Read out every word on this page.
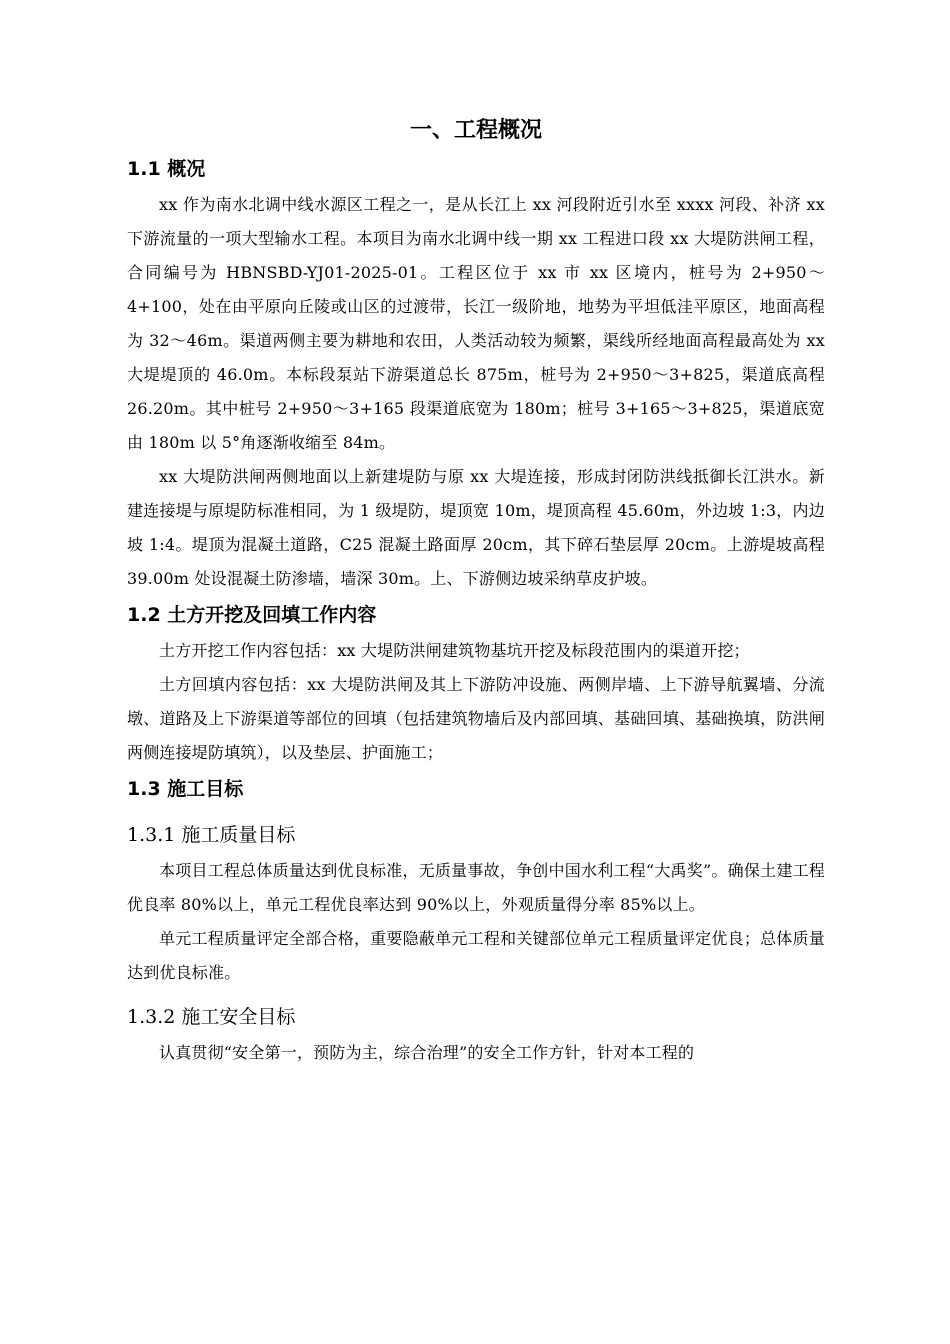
一、工程概况
1.1 概况

xx 作为南水北调中线水源区工程之一，是从长江上 xx 河段附近引水至 xxxx 河段、补济 xx 下游流量的一项大型输水工程。本项目为南水北调中线一期 xx 工程进口段 xx 大堤防洪闸工程，合同编号为 HBNSBD-YJ01-2025-01。工程区位于 xx 市 xx 区境内，桩号为 2+950～4+100，处在由平原向丘陵或山区的过渡带，长江一级阶地，地势为平坦低洼平原区，地面高程为 32～46m。渠道两侧主要为耕地和农田，人类活动较为频繁，渠线所经地面高程最高处为 xx 大堤堤顶的 46.0m。本标段泵站下游渠道总长 875m，桩号为 2+950～3+825，渠道底高程 26.20m。其中桩号 2+950～3+165 段渠道底宽为 180m；桩号 3+165～3+825，渠道底宽由 180m 以 5°角逐渐收缩至 84m。

xx 大堤防洪闸两侧地面以上新建堤防与原 xx 大堤连接，形成封闭防洪线抵御长江洪水。新建连接堤与原堤防标准相同，为 1 级堤防，堤顶宽 10m，堤顶高程 45.60m，外边坡 1:3，内边坡 1:4。堤顶为混凝土道路，C25 混凝土路面厚 20cm，其下碎石垫层厚 20cm。上游堤坡高程 39.00m 处设混凝土防渗墙，墙深 30m。上、下游侧边坡采纳草皮护坡。

1.2 土方开挖及回填工作内容

土方开挖工作内容包括：xx 大堤防洪闸建筑物基坑开挖及标段范围内的渠道开挖；

土方回填内容包括：xx 大堤防洪闸及其上下游防冲设施、两侧岸墙、上下游导航翼墙、分流墩、道路及上下游渠道等部位的回填（包括建筑物墙后及内部回填、基础回填、基础换填，防洪闸两侧连接堤防填筑），以及垫层、护面施工；

1.3 施工目标
1.3.1 施工质量目标

本项目工程总体质量达到优良标准，无质量事故，争创中国水利工程“大禹奖”。确保土建工程优良率 80%以上，单元工程优良率达到 90%以上，外观质量得分率 85%以上。

单元工程质量评定全部合格，重要隐蔽单元工程和关键部位单元工程质量评定优良；总体质量达到优良标准。

1.3.2 施工安全目标

认真贯彻“安全第一，预防为主，综合治理”的安全工作方针，针对本工程的
